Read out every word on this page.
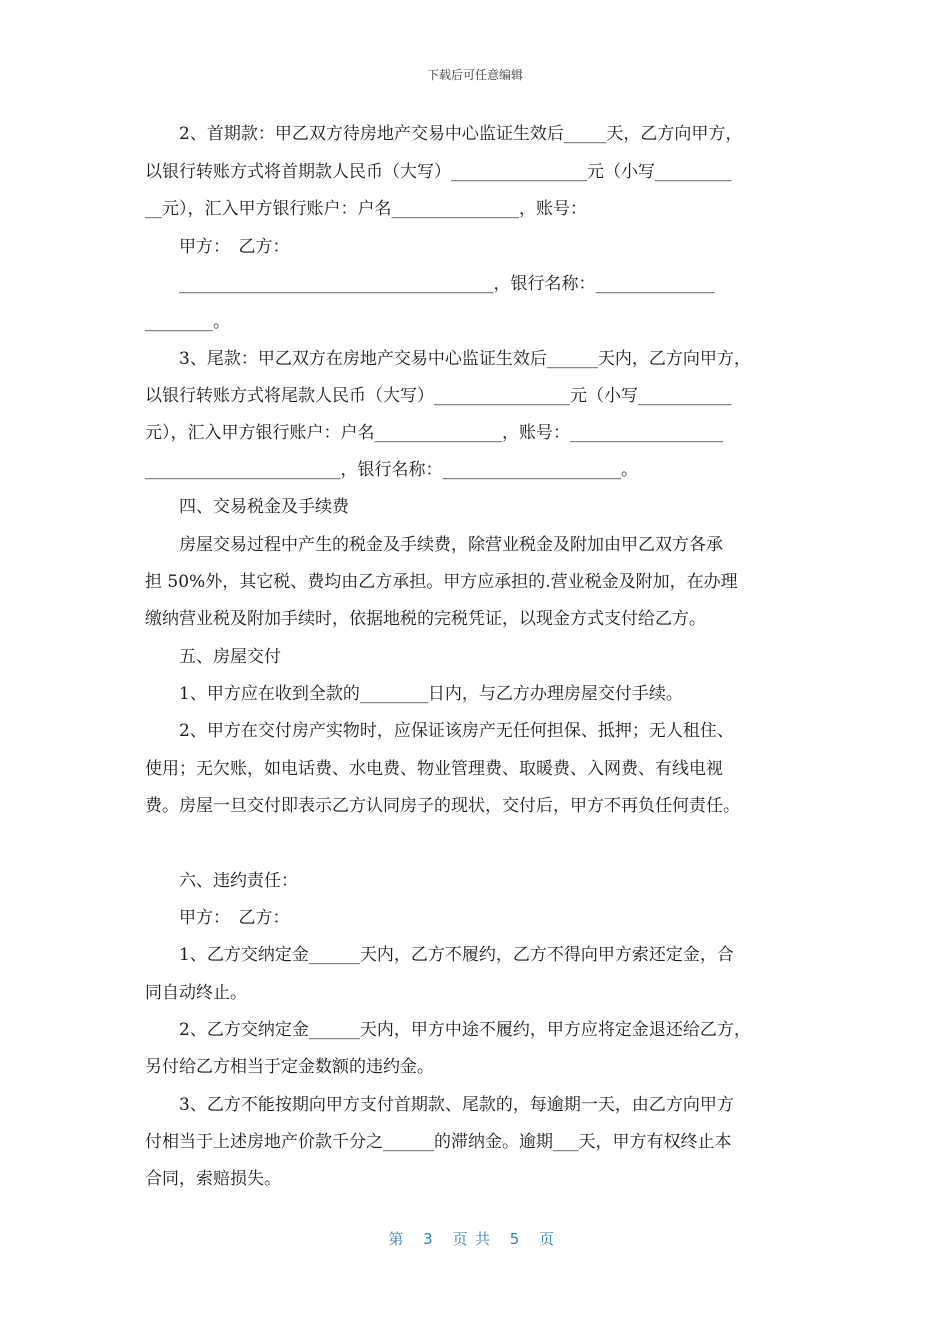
下载后可任意编辑
　　2、首期款：甲乙双方待房地产交易中心监证生效后_____天，乙方向甲方，
以银行转账方式将首期款人民币（大写）________________元（小写_________
__元），汇入甲方银行账户：户名_______________，账号：
　　甲方：　乙方：
　　_____________________________________，银行名称：______________
________。
　　3、尾款：甲乙双方在房地产交易中心监证生效后______天内，乙方向甲方，
以银行转账方式将尾款人民币（大写）________________元（小写___________
元），汇入甲方银行账户：户名_______________，账号：__________________
_______________________，银行名称：_____________________。
　　四、交易税金及手续费
　　房屋交易过程中产生的税金及手续费，除营业税金及附加由甲乙双方各承
担 50%外，其它税、费均由乙方承担。甲方应承担的.营业税金及附加，在办理
缴纳营业税及附加手续时，依据地税的完税凭证，以现金方式支付给乙方。
　　五、房屋交付
　　1、甲方应在收到全款的________日内，与乙方办理房屋交付手续。
　　2、甲方在交付房产实物时，应保证该房产无任何担保、抵押；无人租住、
使用；无欠账，如电话费、水电费、物业管理费、取暖费、入网费、有线电视
费。房屋一旦交付即表示乙方认同房子的现状，交付后，甲方不再负任何责任。
　　六、违约责任：
　　甲方：　乙方：
　　1、乙方交纳定金______天内，乙方不履约，乙方不得向甲方索还定金，合
同自动终止。
　　2、乙方交纳定金______天内，甲方中途不履约，甲方应将定金退还给乙方，
另付给乙方相当于定金数额的违约金。
　　3、乙方不能按期向甲方支付首期款、尾款的，每逾期一天，由乙方向甲方
付相当于上述房地产价款千分之______的滞纳金。逾期___天，甲方有权终止本
合同，索赔损失。
第 3 页共 5 页
